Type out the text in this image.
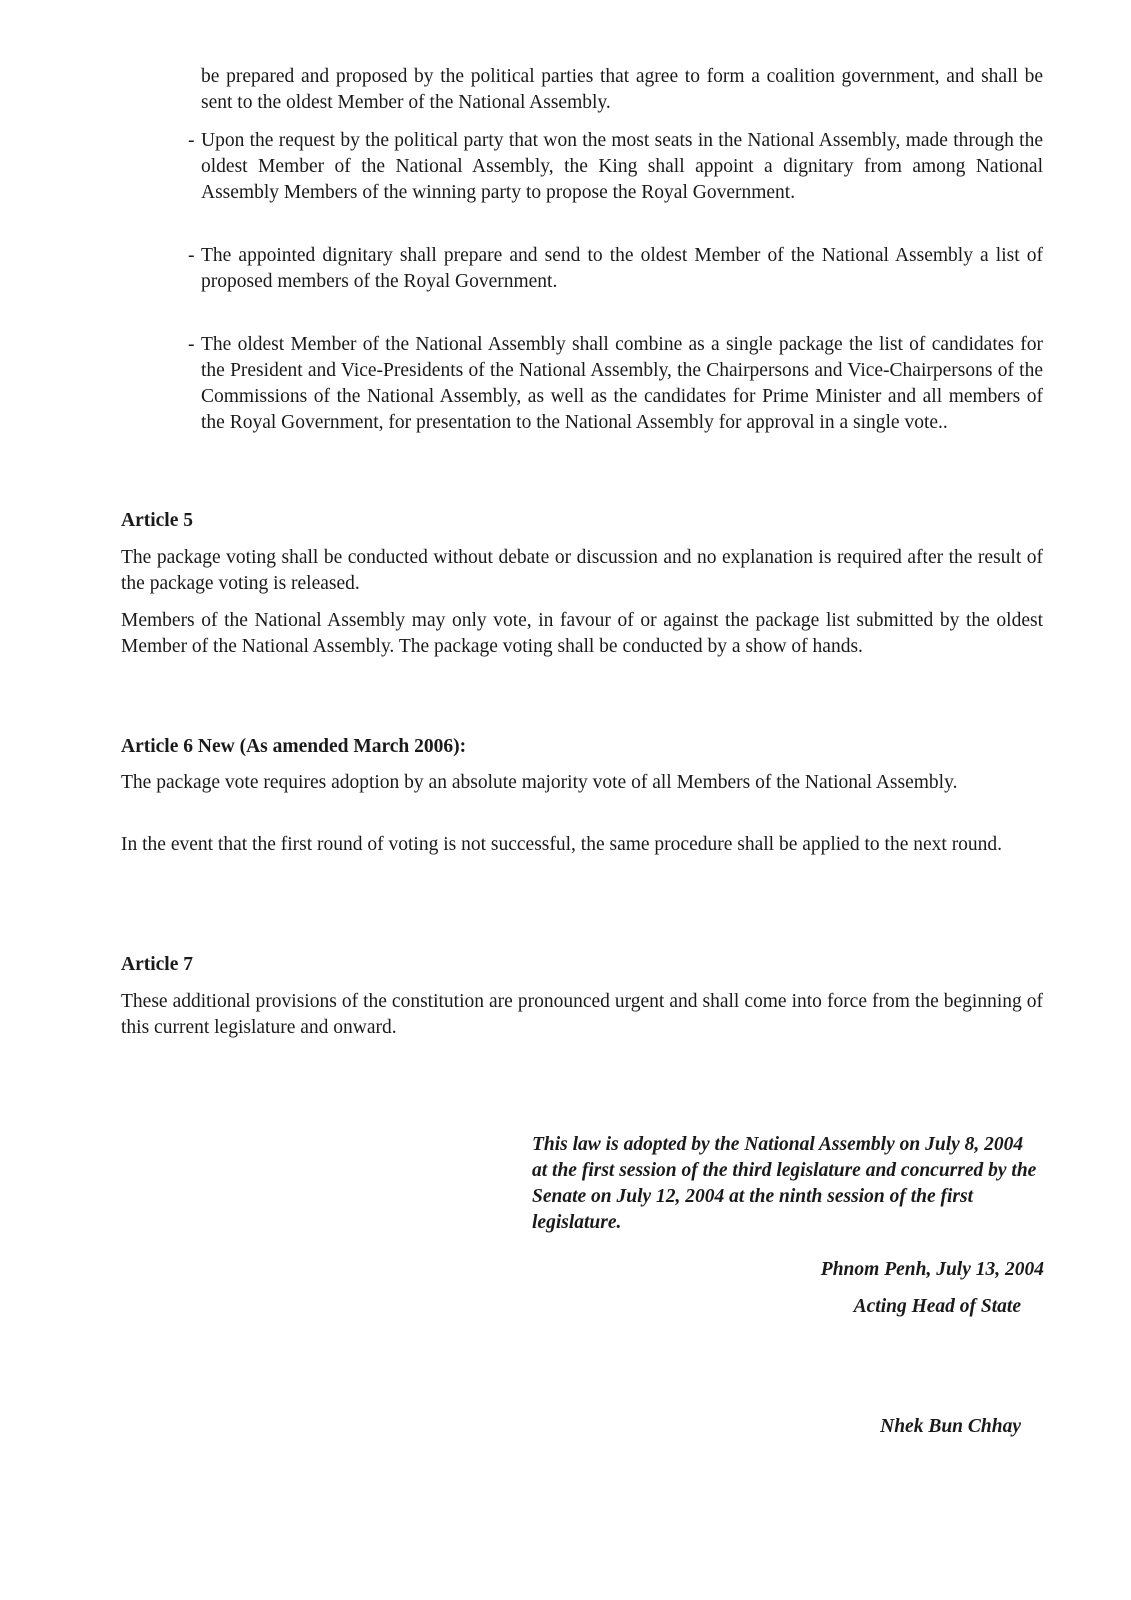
be prepared and proposed by the political parties that agree to form a coalition government, and shall be sent to the oldest Member of the National Assembly.
- Upon the request by the political party that won the most seats in the National Assembly, made through the oldest Member of the National Assembly, the King shall appoint a dignitary from among National Assembly Members of the winning party to propose the Royal Government.
- The appointed dignitary shall prepare and send to the oldest Member of the National Assembly a list of proposed members of the Royal Government.
- The oldest Member of the National Assembly shall combine as a single package the list of candidates for the President and Vice-Presidents of the National Assembly, the Chairpersons and Vice-Chairpersons of the Commissions of the National Assembly, as well as the candidates for Prime Minister and all members of the Royal Government, for presentation to the National Assembly for approval in a single vote..
Article 5
The package voting shall be conducted without debate or discussion and no explanation is required after the result of the package voting is released.
Members of the National Assembly may only vote, in favour of or against the package list submitted by the oldest Member of the National Assembly. The package voting shall be conducted by a show of hands.
Article 6 New (As amended March 2006):
The package vote requires adoption by an absolute majority vote of all Members of the National Assembly.
In the event that the first round of voting is not successful, the same procedure shall be applied to the next round.
Article 7
These additional provisions of the constitution are pronounced urgent and shall come into force from the beginning of this current legislature and onward.
This law is adopted by the National Assembly on July 8, 2004 at the first session of the third legislature and concurred by the Senate on July 12, 2004 at the ninth session of the first legislature.
Phnom Penh, July 13, 2004
Acting Head of State
Nhek Bun Chhay
